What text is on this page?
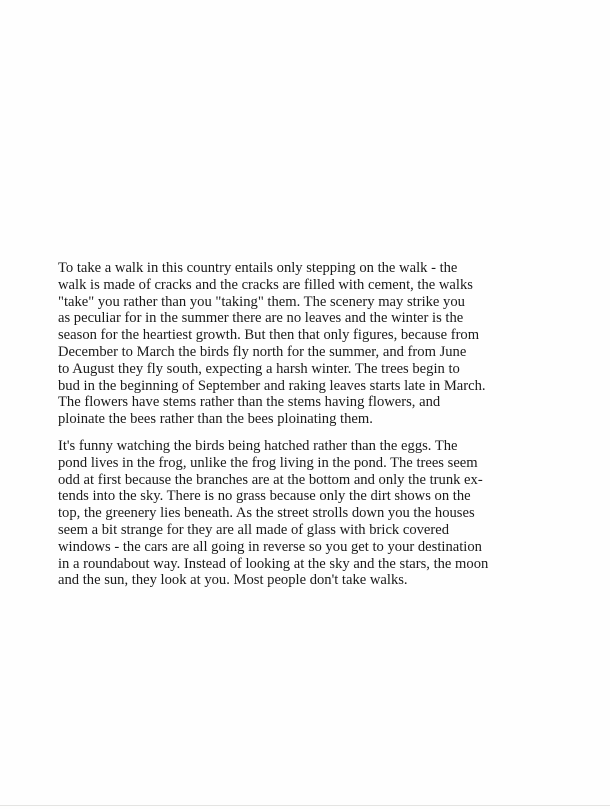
To take a walk in this country entails only stepping on the walk - the
walk is made of cracks and the cracks are filled with cement, the walks
"take" you rather than you "taking" them. The scenery may strike you
as peculiar for in the summer there are no leaves and the winter is the
season for the heartiest growth. But then that only figures, because from
December to March the birds fly north for the summer, and from June
to August they fly south, expecting a harsh winter. The trees begin to
bud in the beginning of September and raking leaves starts late in March.
The flowers have stems rather than the stems having flowers, and
ploinate the bees rather than the bees ploinating them.
It's funny watching the birds being hatched rather than the eggs. The
pond lives in the frog, unlike the frog living in the pond. The trees seem
odd at first because the branches are at the bottom and only the trunk ex-
tends into the sky. There is no grass because only the dirt shows on the
top, the greenery lies beneath. As the street strolls down you the houses
seem a bit strange for they are all made of glass with brick covered
windows - the cars are all going in reverse so you get to your destination
in a roundabout way. Instead of looking at the sky and the stars, the moon
and the sun, they look at you. Most people don't take walks.
